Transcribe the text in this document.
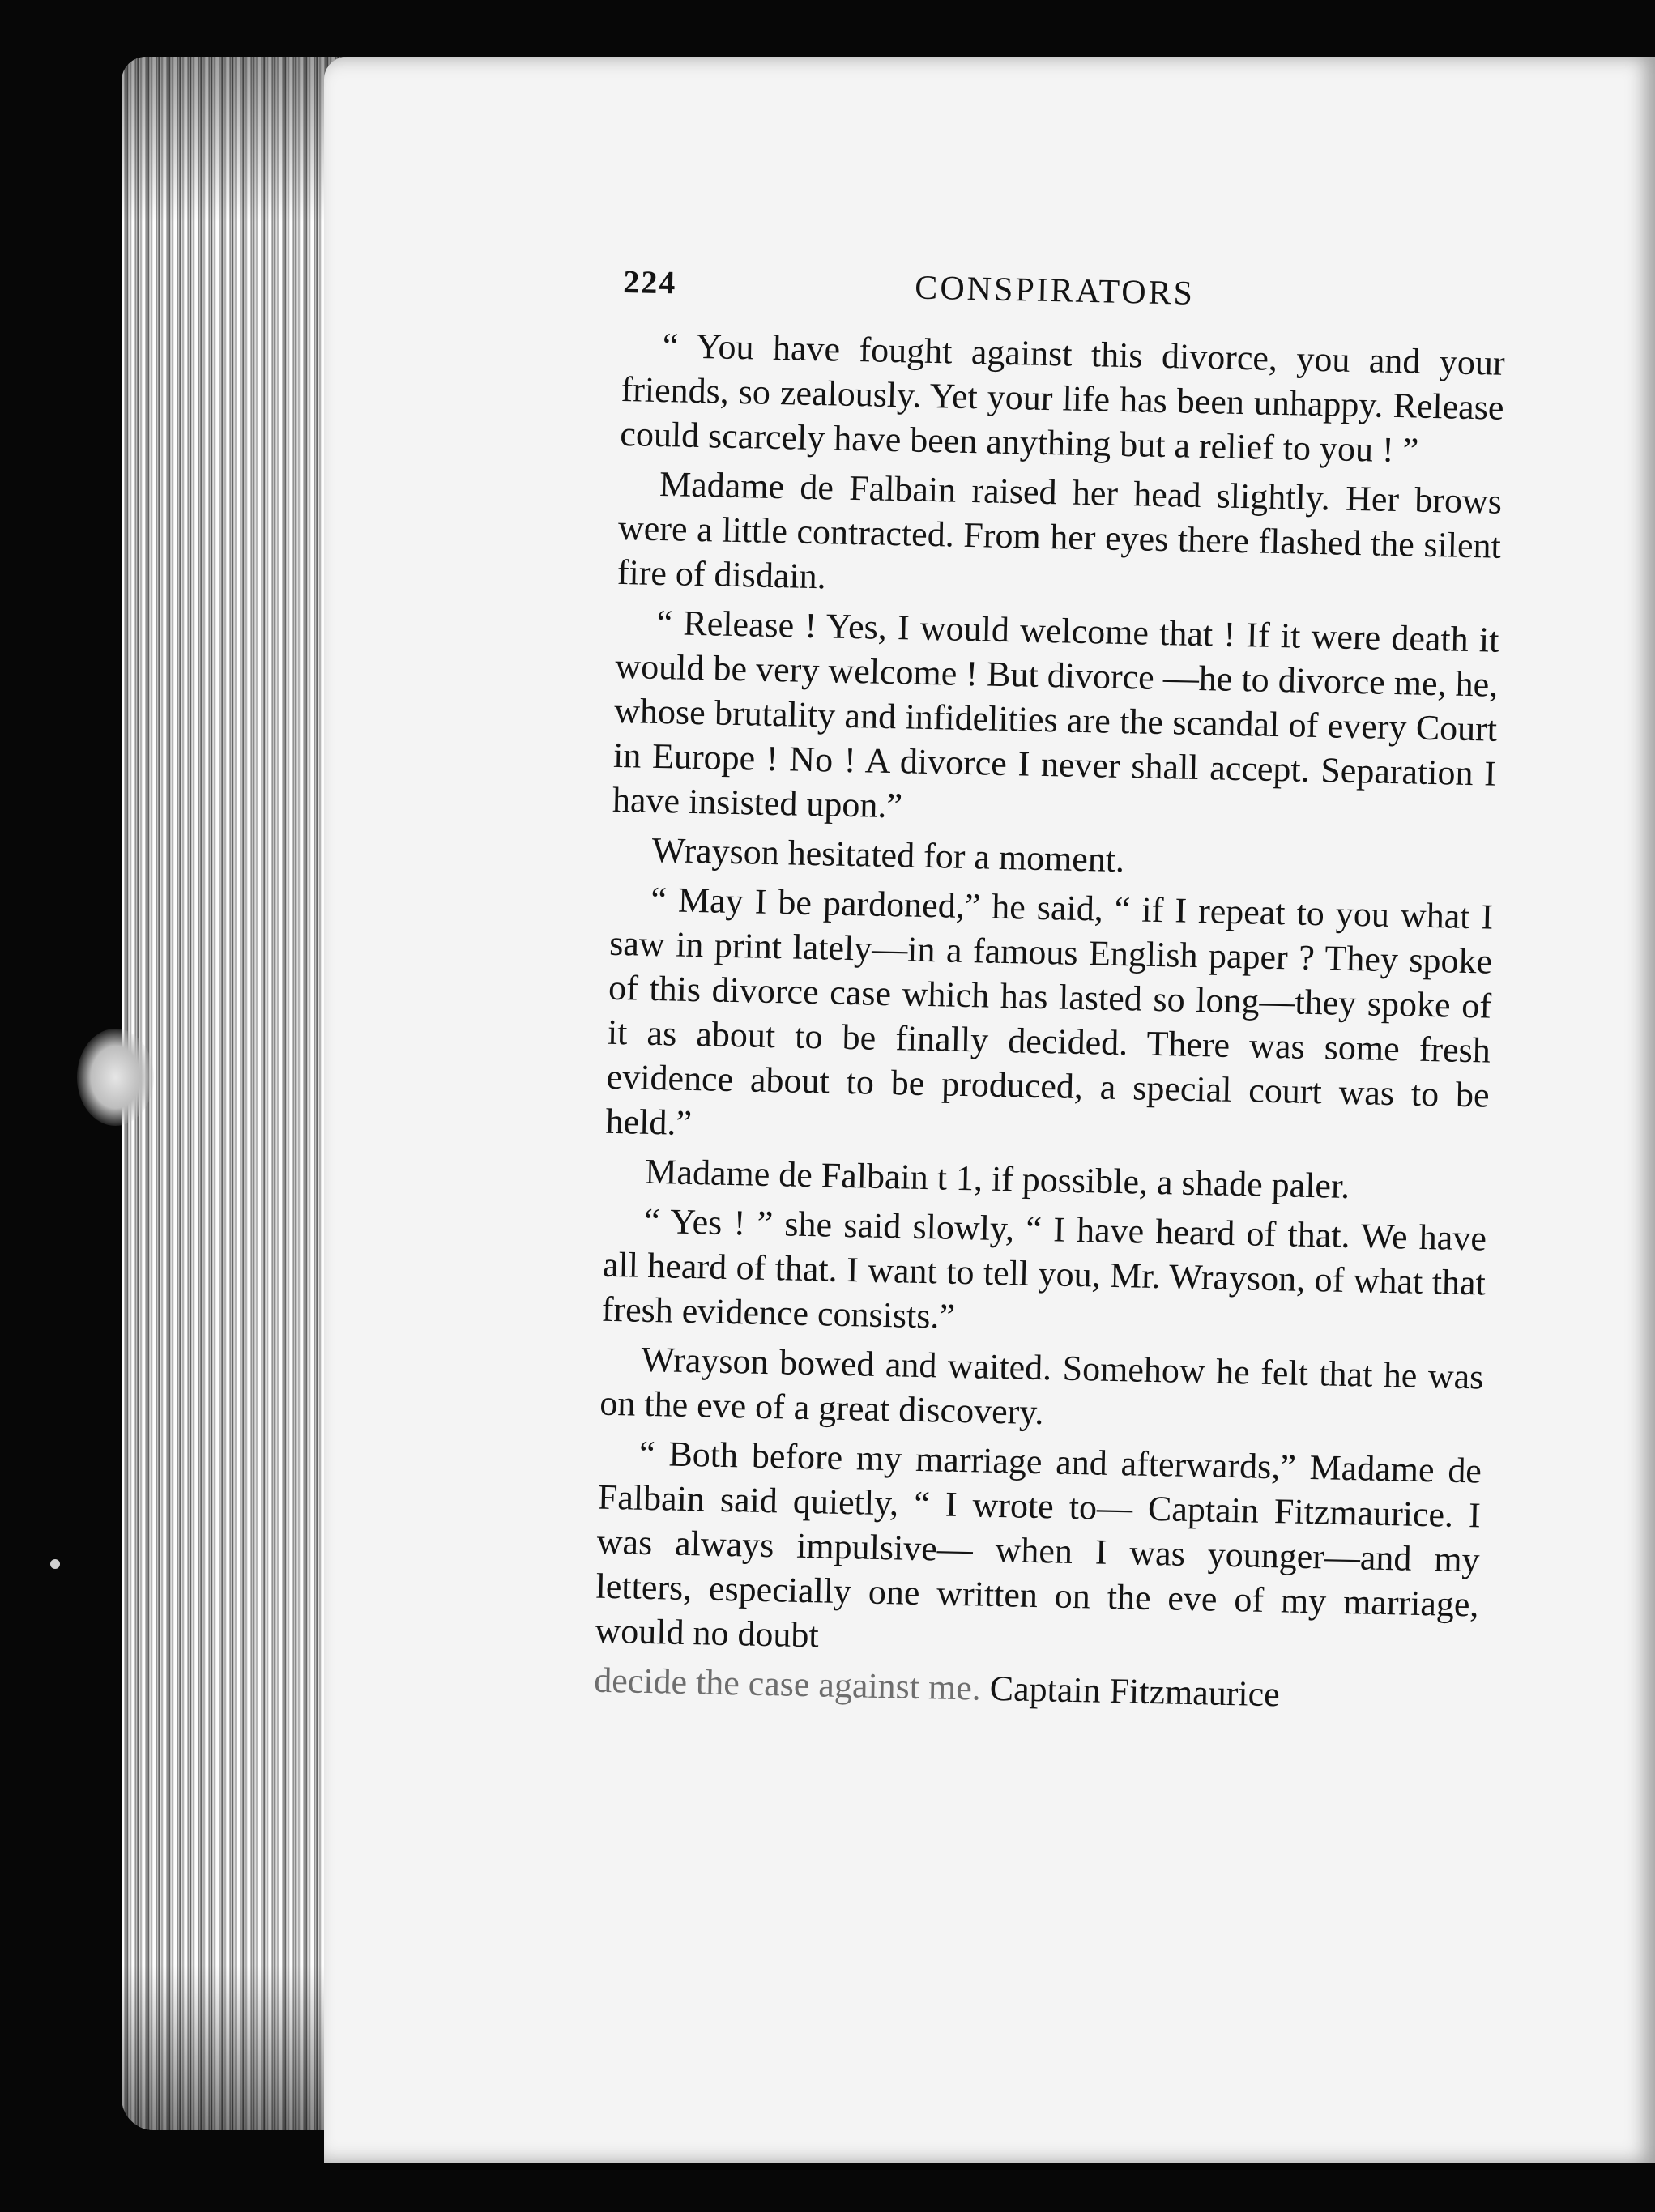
224	CONSPIRATORS

“ You have fought against this divorce, you and your friends, so zealously. Yet your life has been unhappy. Release could scarcely have been anything but a relief to you ! ”

Madame de Falbain raised her head slightly. Her brows were a little contracted. From her eyes there flashed the silent fire of disdain.

“ Release ! Yes, I would welcome that ! If it were death it would be very welcome ! But divorce —he to divorce me, he, whose brutality and infidelities are the scandal of every Court in Europe ! No ! A divorce I never shall accept. Separation I have insisted upon.”

Wrayson hesitated for a moment.

“ May I be pardoned,” he said, “ if I repeat to you what I saw in print lately—in a famous English paper ? They spoke of this divorce case which has lasted so long—they spoke of it as about to be finally decided. There was some fresh evidence about to be produced, a special court was to be held.”

Madame de Falbain t 1, if possible, a shade paler.

“ Yes ! ” she said slowly, “ I have heard of that. We have all heard of that. I want to tell you, Mr. Wrayson, of what that fresh evidence consists.”

Wrayson bowed and waited. Somehow he felt that he was on the eve of a great discovery.

“ Both before my marriage and afterwards,” Madame de Falbain said quietly, “ I wrote to— Captain Fitzmaurice. I was always impulsive— when I was younger—and my letters, especially one written on the eve of my marriage, would no doubt

decide the case against me. Captain Fitzmaurice
